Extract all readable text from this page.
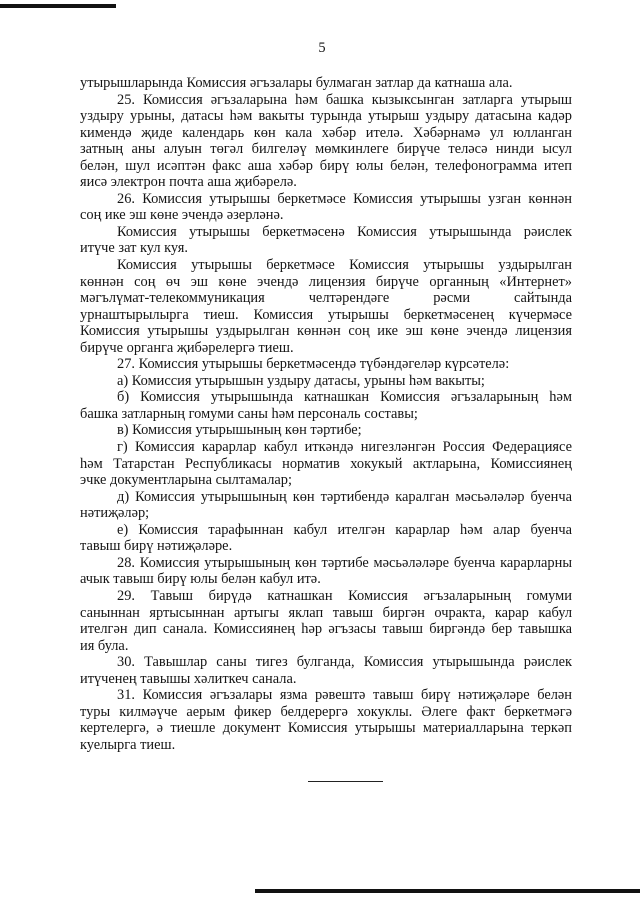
5
утырышларында Комиссия әгъзалары булмаган затлар да катнаша ала.
25. Комиссия әгъзаларына һәм башка кызыксынган затларга утырыш
уздыру урыны, датасы һәм вакыты турында утырыш уздыру датасына кадәр
кимендә җиде календарь көн кала хәбәр ителә. Хәбәрнамә ул юлланган
затның аны алуын төгәл билгеләү мөмкинлеге бирүче теләсә нинди ысул
белән, шул исәптән факс аша хәбәр бирү юлы белән, телефонограмма итеп
яисә электрон почта аша җибәрелә.
26. Комиссия утырышы беркетмәсе Комиссия утырышы узган көннән
соң ике эш көне эчендә әзерләнә.
Комиссия утырышы беркетмәсенә Комиссия утырышында рәислек
итүче зат кул куя.
Комиссия утырышы беркетмәсе Комиссия утырышы уздырылган
көннән соң өч эш көне эчендә лицензия бирүче органның «Интернет»
мәгълүмат-телекоммуникация челтәрендәге рәсми сайтында
урнаштырылырга тиеш. Комиссия утырышы беркетмәсенең күчермәсе
Комиссия утырышы уздырылган көннән соң ике эш көне эчендә лицензия
бирүче органга җибәрелергә тиеш.
27. Комиссия утырышы беркетмәсендә түбәндәгеләр күрсәтелә:
а) Комиссия утырышын уздыру датасы, урыны һәм вакыты;
б) Комиссия утырышында катнашкан Комиссия әгъзаларының һәм
башка затларның гомуми саны һәм персональ составы;
в) Комиссия утырышының көн тәртибе;
г) Комиссия карарлар кабул иткәндә нигезләнгән Россия Федерациясе
һәм Татарстан Республикасы норматив хокукый актларына, Комиссиянең
эчке документларына сылтамалар;
д) Комиссия утырышының көн тәртибендә каралган мәсьәләләр буенча
нәтиҗәләр;
е) Комиссия тарафыннан кабул ителгән карарлар һәм алар буенча
тавыш бирү нәтиҗәләре.
28. Комиссия утырышының көн тәртибе мәсьәләләре буенча карарларны
ачык тавыш бирү юлы белән кабул итә.
29. Тавыш бирүдә катнашкан Комиссия әгъзаларының гомуми
саныннан яртысыннан артыгы яклап тавыш биргән очракта, карар кабул
ителгән дип санала. Комиссиянең һәр әгъзасы тавыш биргәндә бер тавышка
ия була.
30. Тавышлар саны тигез булганда, Комиссия утырышында рәислек
итүченең тавышы хәлиткеч санала.
31. Комиссия әгъзалары язма рәвештә тавыш бирү нәтиҗәләре белән
туры килмәүче аерым фикер белдерергә хокуклы. Әлеге факт беркетмәгә
кертелергә, ә тиешле документ Комиссия утырышы материалларына теркәп
куелырга тиеш.
